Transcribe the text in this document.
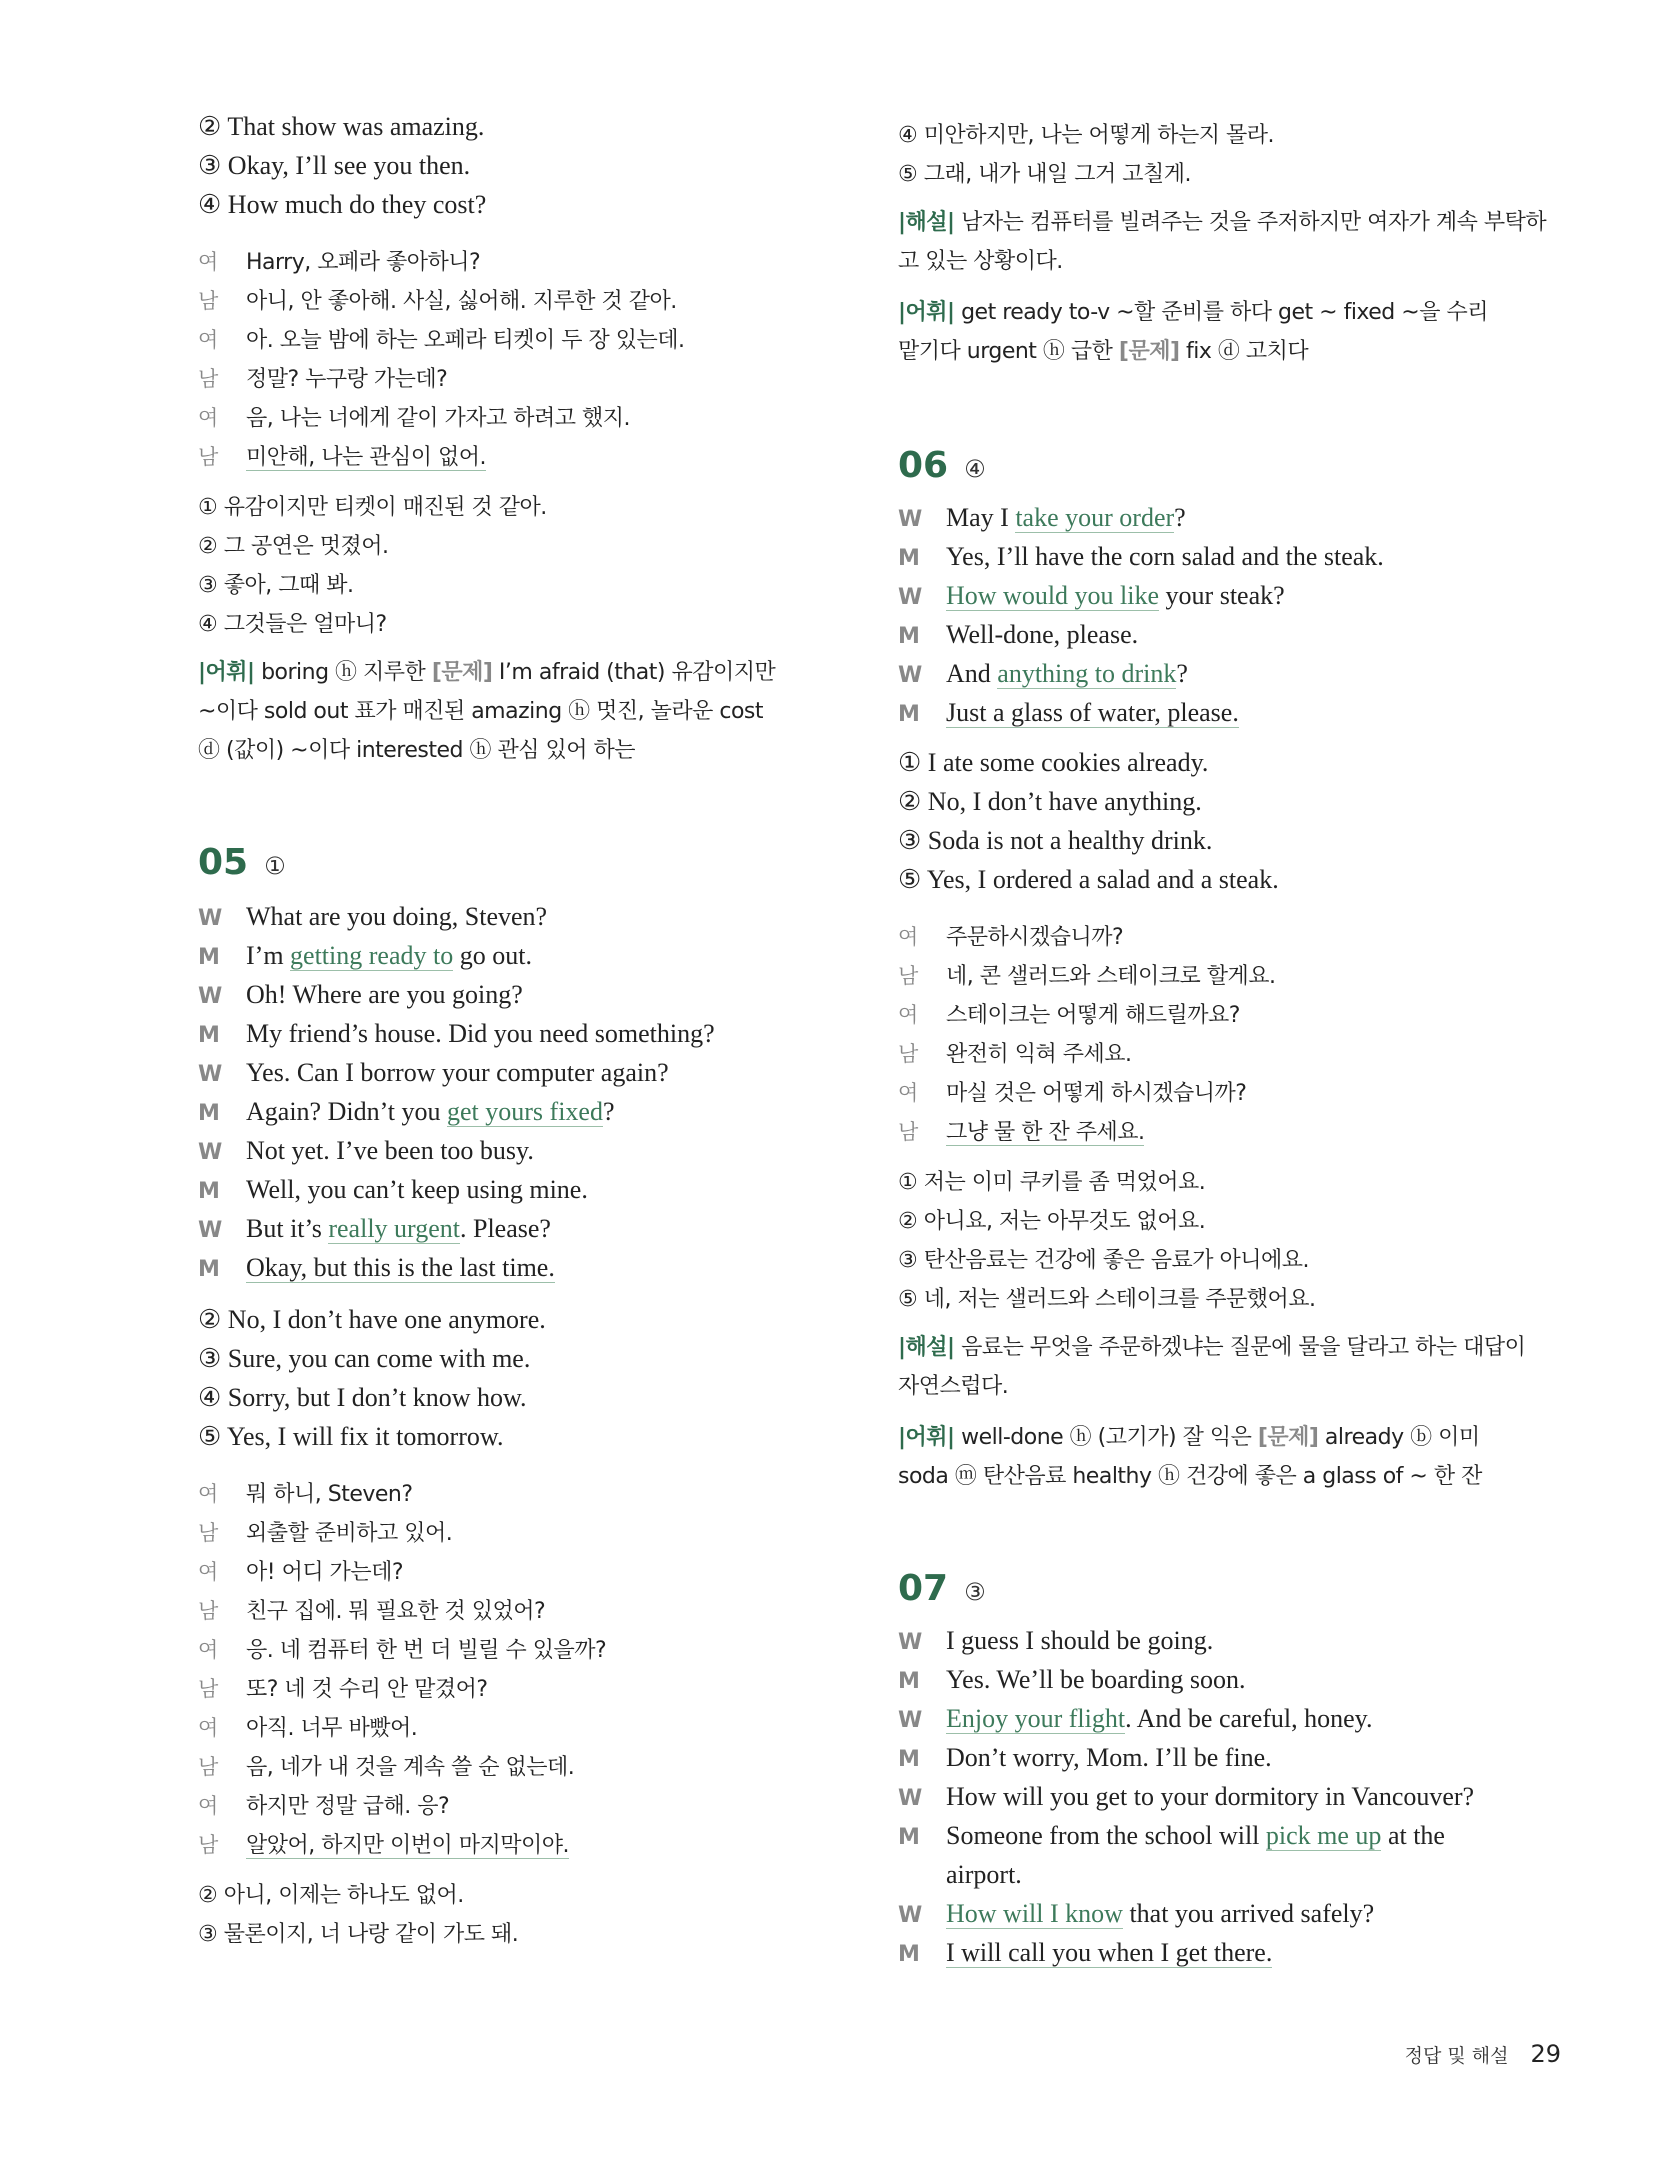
② That show was amazing.
③ Okay, I’ll see you then.
④ How much do they cost?
여 Harry, 오페라 좋아하니?
남 아니, 안 좋아해. 사실, 싫어해. 지루한 것 같아.
여 아. 오늘 밤에 하는 오페라 티켓이 두 장 있는데.
남 정말? 누구랑 가는데?
여 음, 나는 너에게 같이 가자고 하려고 했지.
남 미안해, 나는 관심이 없어.
① 유감이지만 티켓이 매진된 것 같아.
② 그 공연은 멋졌어.
③ 좋아, 그때 봐.
④ 그것들은 얼마니?
|어휘| boring ⓗ 지루한 [문제] I’m afraid (that) 유감이지만
~이다 sold out 표가 매진된 amazing ⓗ 멋진, 놀라운 cost
ⓓ (값이) ~이다 interested ⓗ 관심 있어 하는
05 ①
W What are you doing, Steven?
M I’m getting ready to go out.
W Oh! Where are you going?
M My friend’s house. Did you need something?
W Yes. Can I borrow your computer again?
M Again? Didn’t you get yours fixed?
W Not yet. I’ve been too busy.
M Well, you can’t keep using mine.
W But it’s really urgent. Please?
M Okay, but this is the last time.
② No, I don’t have one anymore.
③ Sure, you can come with me.
④ Sorry, but I don’t know how.
⑤ Yes, I will fix it tomorrow.
여 뭐 하니, Steven?
남 외출할 준비하고 있어.
여 아! 어디 가는데?
남 친구 집에. 뭐 필요한 것 있었어?
여 응. 네 컴퓨터 한 번 더 빌릴 수 있을까?
남 또? 네 것 수리 안 맡겼어?
여 아직. 너무 바빴어.
남 음, 네가 내 것을 계속 쓸 순 없는데.
여 하지만 정말 급해. 응?
남 알았어, 하지만 이번이 마지막이야.
② 아니, 이제는 하나도 없어.
③ 물론이지, 너 나랑 같이 가도 돼.
④ 미안하지만, 나는 어떻게 하는지 몰라.
⑤ 그래, 내가 내일 그거 고칠게.
|해설| 남자는 컴퓨터를 빌려주는 것을 주저하지만 여자가 계속 부탁하
고 있는 상황이다.
|어휘| get ready to-v ~할 준비를 하다 get ~ fixed ~을 수리
맡기다 urgent ⓗ 급한 [문제] fix ⓓ 고치다
06 ④
W May I take your order?
M Yes, I’ll have the corn salad and the steak.
W How would you like your steak?
M Well-done, please.
W And anything to drink?
M Just a glass of water, please.
① I ate some cookies already.
② No, I don’t have anything.
③ Soda is not a healthy drink.
⑤ Yes, I ordered a salad and a steak.
여 주문하시겠습니까?
남 네, 콘 샐러드와 스테이크로 할게요.
여 스테이크는 어떻게 해드릴까요?
남 완전히 익혀 주세요.
여 마실 것은 어떻게 하시겠습니까?
남 그냥 물 한 잔 주세요.
① 저는 이미 쿠키를 좀 먹었어요.
② 아니요, 저는 아무것도 없어요.
③ 탄산음료는 건강에 좋은 음료가 아니에요.
⑤ 네, 저는 샐러드와 스테이크를 주문했어요.
|해설| 음료는 무엇을 주문하겠냐는 질문에 물을 달라고 하는 대답이
자연스럽다.
|어휘| well-done ⓗ (고기가) 잘 익은 [문제] already ⓑ 이미
soda ⓜ 탄산음료 healthy ⓗ 건강에 좋은 a glass of ~ 한 잔
07 ③
W I guess I should be going.
M Yes. We’ll be boarding soon.
W Enjoy your flight. And be careful, honey.
M Don’t worry, Mom. I’ll be fine.
W How will you get to your dormitory in Vancouver?
M Someone from the school will pick me up at the
airport.
W How will I know that you arrived safely?
M I will call you when I get there.
정답 및 해설 29
